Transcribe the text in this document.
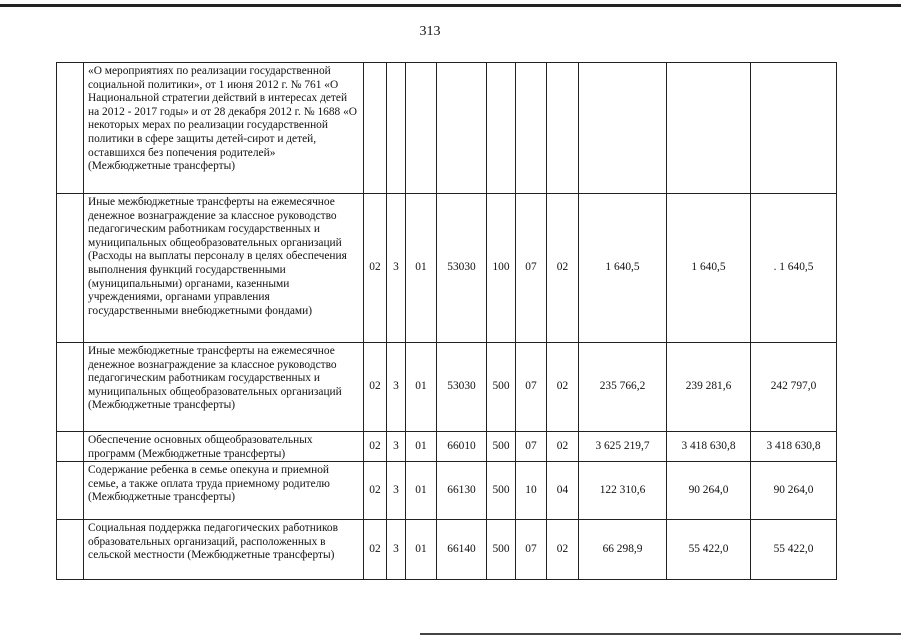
313
	«О мероприятиях по реализации государственной социальной политики», от 1 июня 2012 г. № 761 «О Национальной стратегии действий в интересах детей на 2012 - 2017 годы» и от 28 декабря 2012 г. № 1688 «О некоторых мерах по реализации государственной политики в сфере защиты детей-сирот и детей, оставшихся без попечения родителей» (Межбюджетные трансферты)										
	Иные межбюджетные трансферты на ежемесячное денежное вознаграждение за классное руководство педагогическим работникам государственных и муниципальных общеобразовательных организаций (Расходы на выплаты персоналу в целях обеспечения выполнения функций государственными (муниципальными) органами, казенными учреждениями, органами управления государственными внебюджетными фондами)	02	3	01	53030	100	07	02	1 640,5	1 640,5	. 1 640,5
	Иные межбюджетные трансферты на ежемесячное денежное вознаграждение за классное руководство педагогическим работникам государственных и муниципальных общеобразовательных организаций (Межбюджетные трансферты)	02	3	01	53030	500	07	02	235 766,2	239 281,6	242 797,0
	Обеспечение основных общеобразовательных программ (Межбюджетные трансферты)	02	3	01	66010	500	07	02	3 625 219,7	3 418 630,8	3 418 630,8
	Содержание ребенка в семье опекуна и приемной семье, а также оплата труда приемному родителю (Межбюджетные трансферты)	02	3	01	66130	500	10	04	122 310,6	90 264,0	90 264,0
	Социальная поддержка педагогических работников образовательных организаций, расположенных в сельской местности (Межбюджетные трансферты)	02	3	01	66140	500	07	02	66 298,9	55 422,0	55 422,0
